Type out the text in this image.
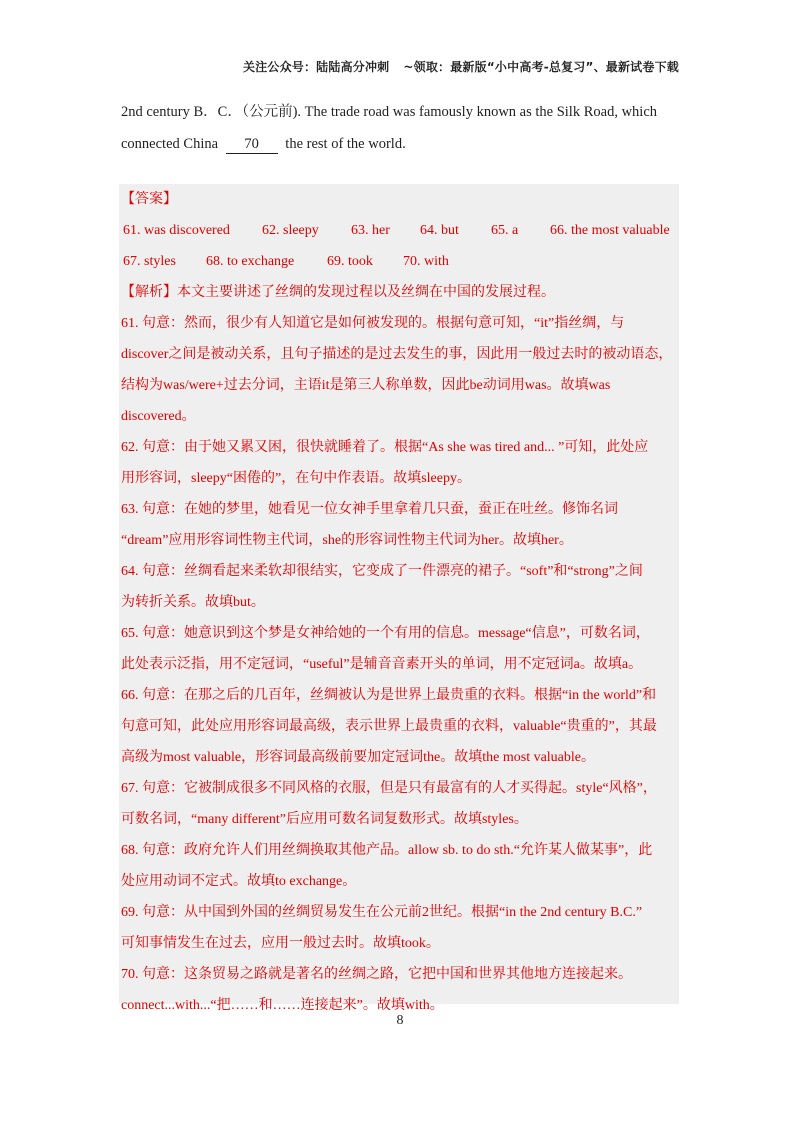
关注公众号：陆陆高分冲刺 ~领取：最新版“小中高考-总复习”、最新试卷下载
2nd century B．C．（公元前). The trade road was famously known as the Silk Road, which
connected China 70 the rest of the world.
【答案】
61. was discovered 62. sleepy 63. her 64. but 65. a 66. the most valuable
67. styles 68. to exchange 69. took 70. with
【解析】本文主要讲述了丝绸的发现过程以及丝绸在中国的发展过程。
61. 句意：然而，很少有人知道它是如何被发现的。根据句意可知，“it”指丝绸，与
discover之间是被动关系，且句子描述的是过去发生的事，因此用一般过去时的被动语态，
结构为was/were+过去分词，主语it是第三人称单数，因此be动词用was。故填was
discovered。
62. 句意：由于她又累又困，很快就睡着了。根据“As she was tired and... ”可知，此处应
用形容词，sleepy“困倦的”，在句中作表语。故填sleepy。
63. 句意：在她的梦里，她看见一位女神手里拿着几只蚕，蚕正在吐丝。修饰名词
“dream”应用形容词性物主代词，she的形容词性物主代词为her。故填her。
64. 句意：丝绸看起来柔软却很结实，它变成了一件漂亮的裙子。“soft”和“strong”之间
为转折关系。故填but。
65. 句意：她意识到这个梦是女神给她的一个有用的信息。message“信息”，可数名词，
此处表示泛指，用不定冠词，“useful”是辅音音素开头的单词，用不定冠词a。故填a。
66. 句意：在那之后的几百年，丝绸被认为是世界上最贵重的衣料。根据“in the world”和
句意可知，此处应用形容词最高级，表示世界上最贵重的衣料，valuable“贵重的”，其最
高级为most valuable，形容词最高级前要加定冠词the。故填the most valuable。
67. 句意：它被制成很多不同风格的衣服，但是只有最富有的人才买得起。style“风格”，
可数名词，“many different”后应用可数名词复数形式。故填styles。
68. 句意：政府允许人们用丝绸换取其他产品。allow sb. to do sth.“允许某人做某事”，此
处应用动词不定式。故填to exchange。
69. 句意：从中国到外国的丝绸贸易发生在公元前2世纪。根据“in the 2nd century B.C.”
可知事情发生在过去，应用一般过去时。故填took。
70. 句意：这条贸易之路就是著名的丝绸之路，它把中国和世界其他地方连接起来。
connect...with...“把……和……连接起来”。故填with。
8
